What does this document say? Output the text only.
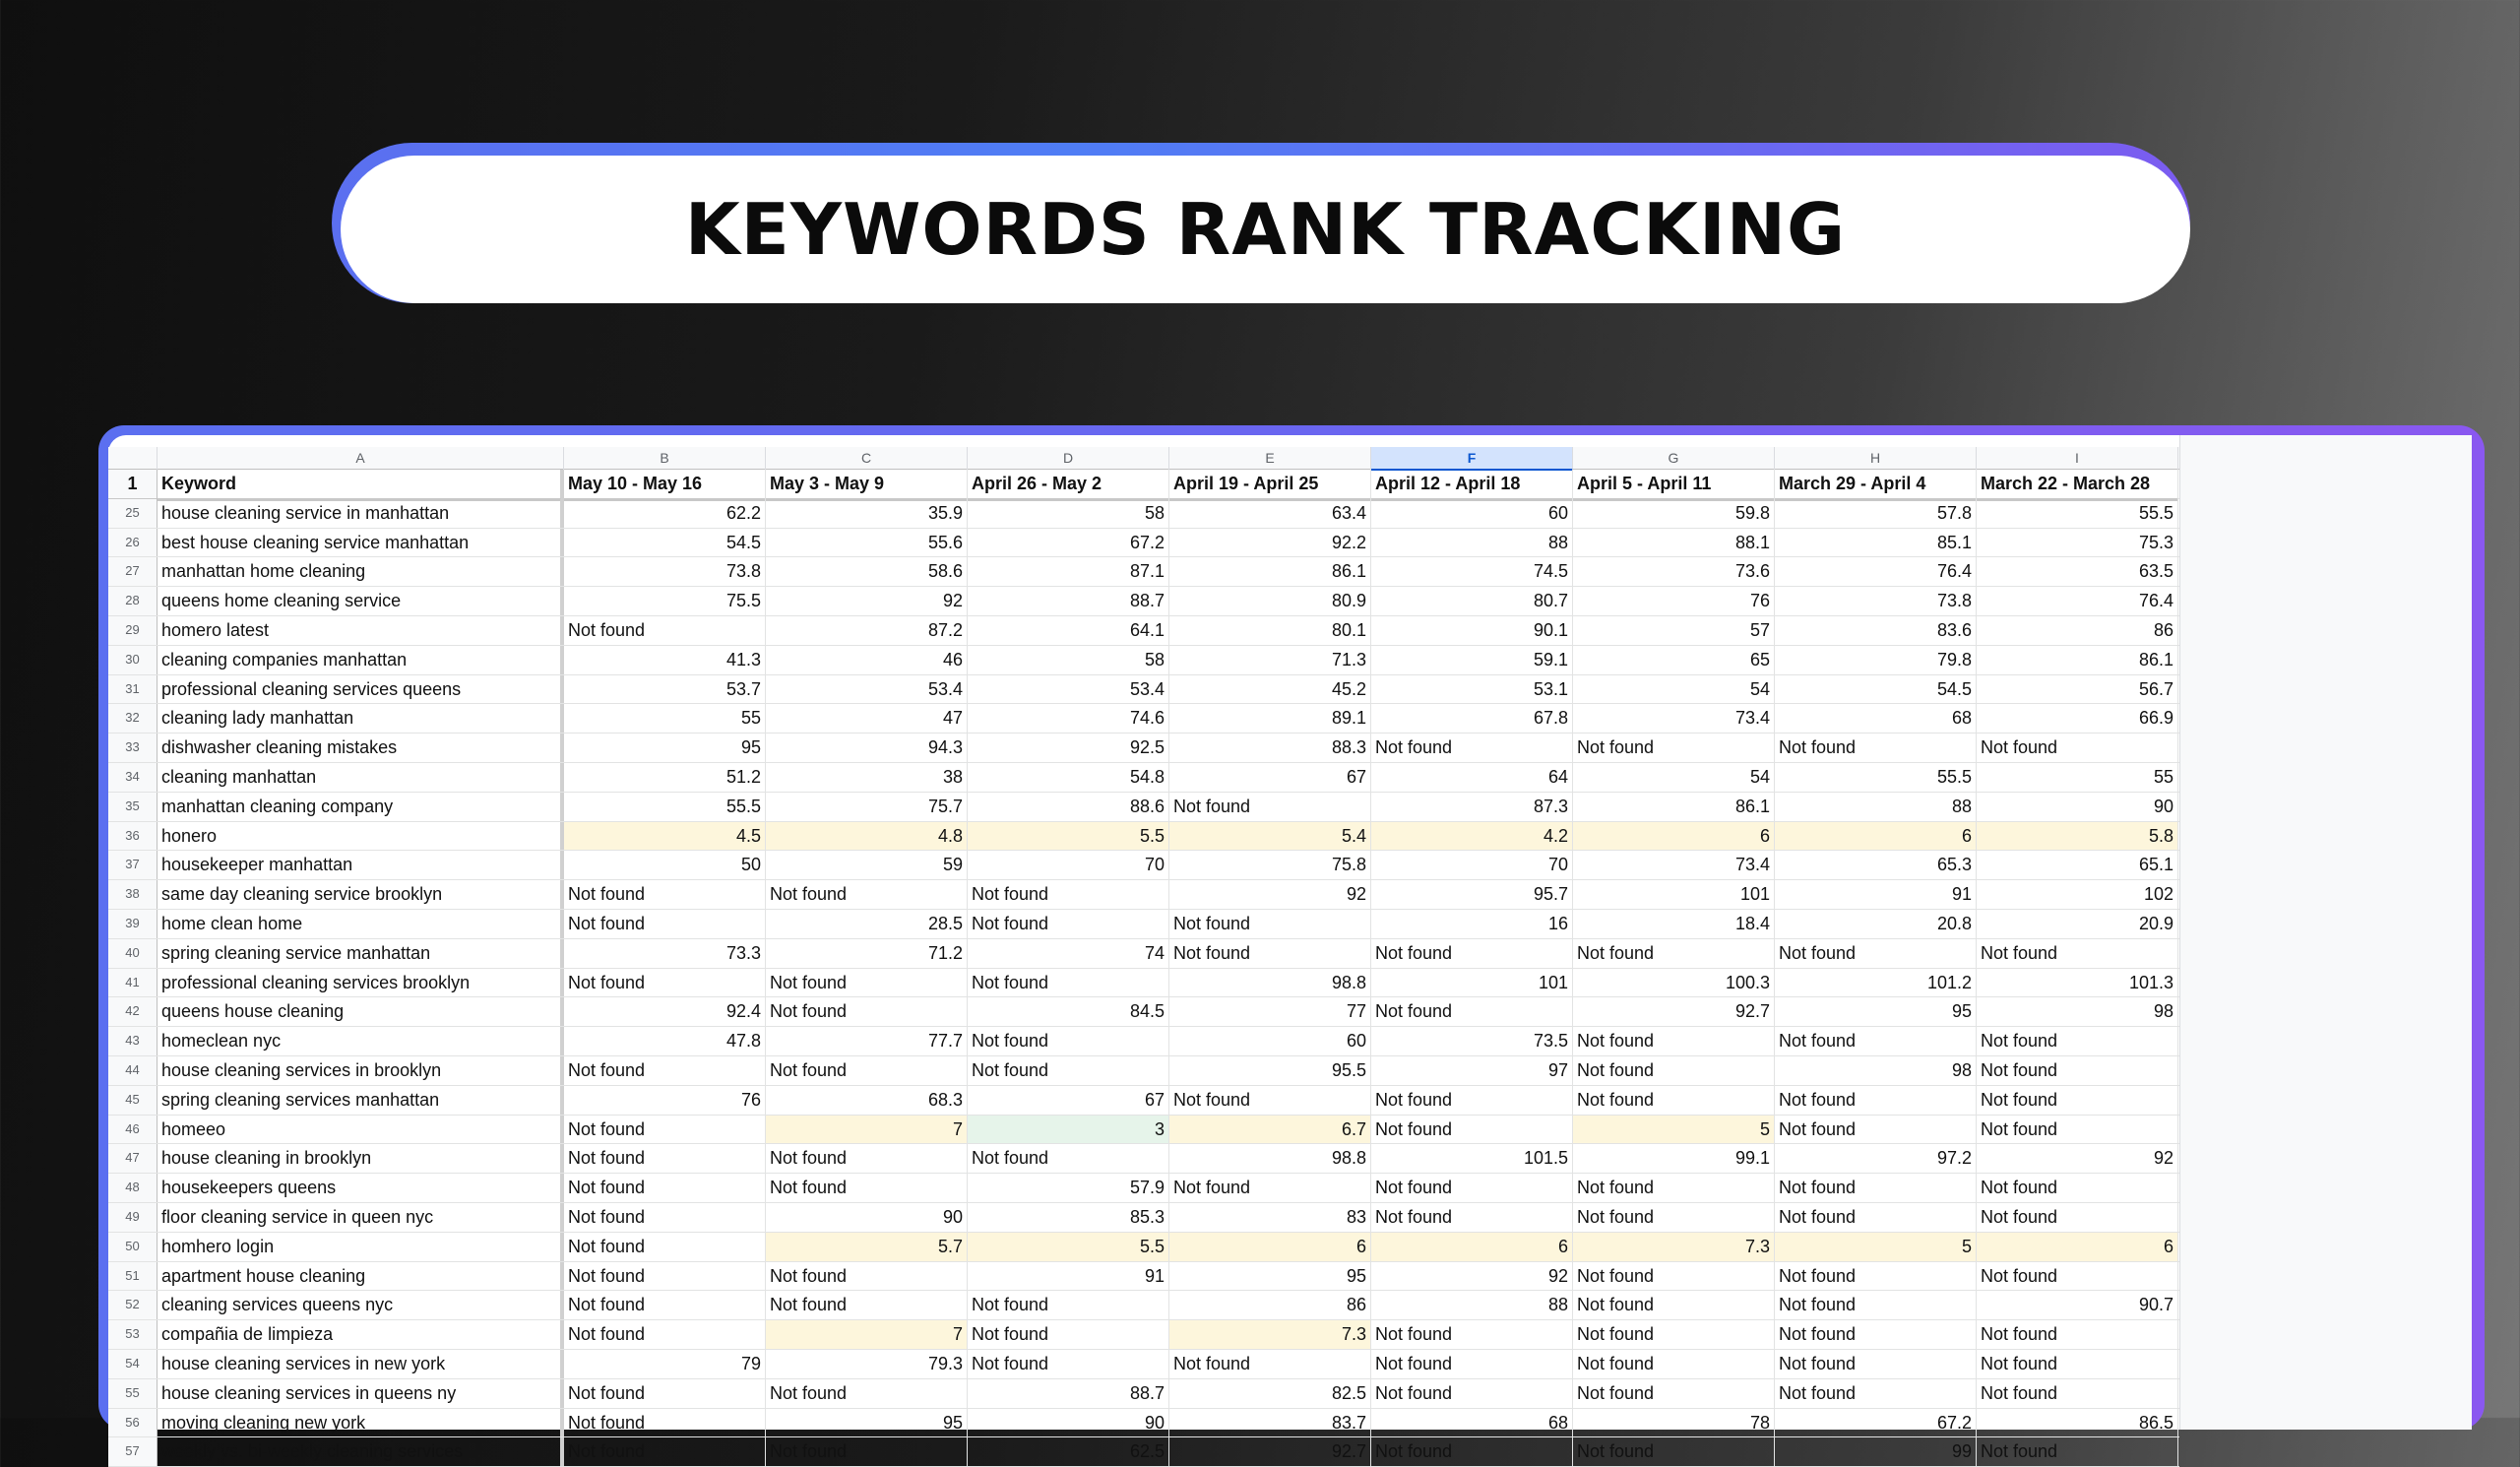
KEYWORDS RANK TRACKING
A	B	C	D	E	F	G	H	I
1	Keyword	May 10 - May 16	May 3 - May 9	April 26 - May 2	April 19 - April 25	April 12 - April 18	April 5 - April 11	March 29 - April 4	March 22 - March 28
25	house cleaning service in manhattan	62.2	35.9	58	63.4	60	59.8	57.8	55.5
26	best house cleaning service manhattan	54.5	55.6	67.2	92.2	88	88.1	85.1	75.3
27	manhattan home cleaning	73.8	58.6	87.1	86.1	74.5	73.6	76.4	63.5
28	queens home cleaning service	75.5	92	88.7	80.9	80.7	76	73.8	76.4
29	homero latest	Not found	87.2	64.1	80.1	90.1	57	83.6	86
30	cleaning companies manhattan	41.3	46	58	71.3	59.1	65	79.8	86.1
31	professional cleaning services queens	53.7	53.4	53.4	45.2	53.1	54	54.5	56.7
32	cleaning lady manhattan	55	47	74.6	89.1	67.8	73.4	68	66.9
33	dishwasher cleaning mistakes	95	94.3	92.5	88.3 Not found	Not found	Not found	Not found
34	cleaning manhattan	51.2	38	54.8	67	64	54	55.5	55
35	manhattan cleaning company	55.5	75.7	88.6 Not found	87.3	86.1	88	90
36	honero	4.5	4.8	5.5	5.4	4.2	6	6	5.8
37	housekeeper manhattan	50	59	70	75.8	70	73.4	65.3	65.1
38	same day cleaning service brooklyn	Not found	Not found	Not found	92	95.7	101	91	102
39	home clean home	Not found	28.5 Not found	Not found	16	18.4	20.8	20.9
40	spring cleaning service manhattan	73.3	71.2	74 Not found	Not found	Not found	Not found	Not found
41	professional cleaning services brooklyn	Not found	Not found	Not found	98.8	101	100.3	101.2	101.3
42	queens house cleaning	92.4 Not found	84.5	77 Not found	92.7	95	98
43	homeclean nyc	47.8	77.7 Not found	60	73.5 Not found	Not found	Not found
44	house cleaning services in brooklyn	Not found	Not found	Not found	95.5	97 Not found	98 Not found
45	spring cleaning services manhattan	76	68.3	67 Not found	Not found	Not found	Not found	Not found
46	homeeo	Not found	7	3	6.7 Not found	5 Not found	Not found
47	house cleaning in brooklyn	Not found	Not found	Not found	98.8	101.5	99.1	97.2	92
48	housekeepers queens	Not found	Not found	57.9 Not found	Not found	Not found	Not found	Not found
49	floor cleaning service in queen nyc	Not found	90	85.3	83 Not found	Not found	Not found	Not found
50	homhero login	Not found	5.7	5.5	6	6	7.3	5	6
51	apartment house cleaning	Not found	Not found	91	95	92 Not found	Not found	Not found
52	cleaning services queens nyc	Not found	Not found	Not found	86	88 Not found	Not found	90.7
53	compañia de limpieza	Not found	7 Not found	7.3 Not found	Not found	Not found	Not found
54	house cleaning services in new york	79	79.3 Not found	Not found	Not found	Not found	Not found	Not found
55	house cleaning services in queens ny	Not found	Not found	88.7	82.5 Not found	Not found	Not found	Not found
56	moving cleaning new york	Not found	95	90	83.7	68	78	67.2	86.5
57	weekly vs. bi-weekly cleaning services	Not found	Not found	62.5	92.7 Not found	Not found	99 Not found
